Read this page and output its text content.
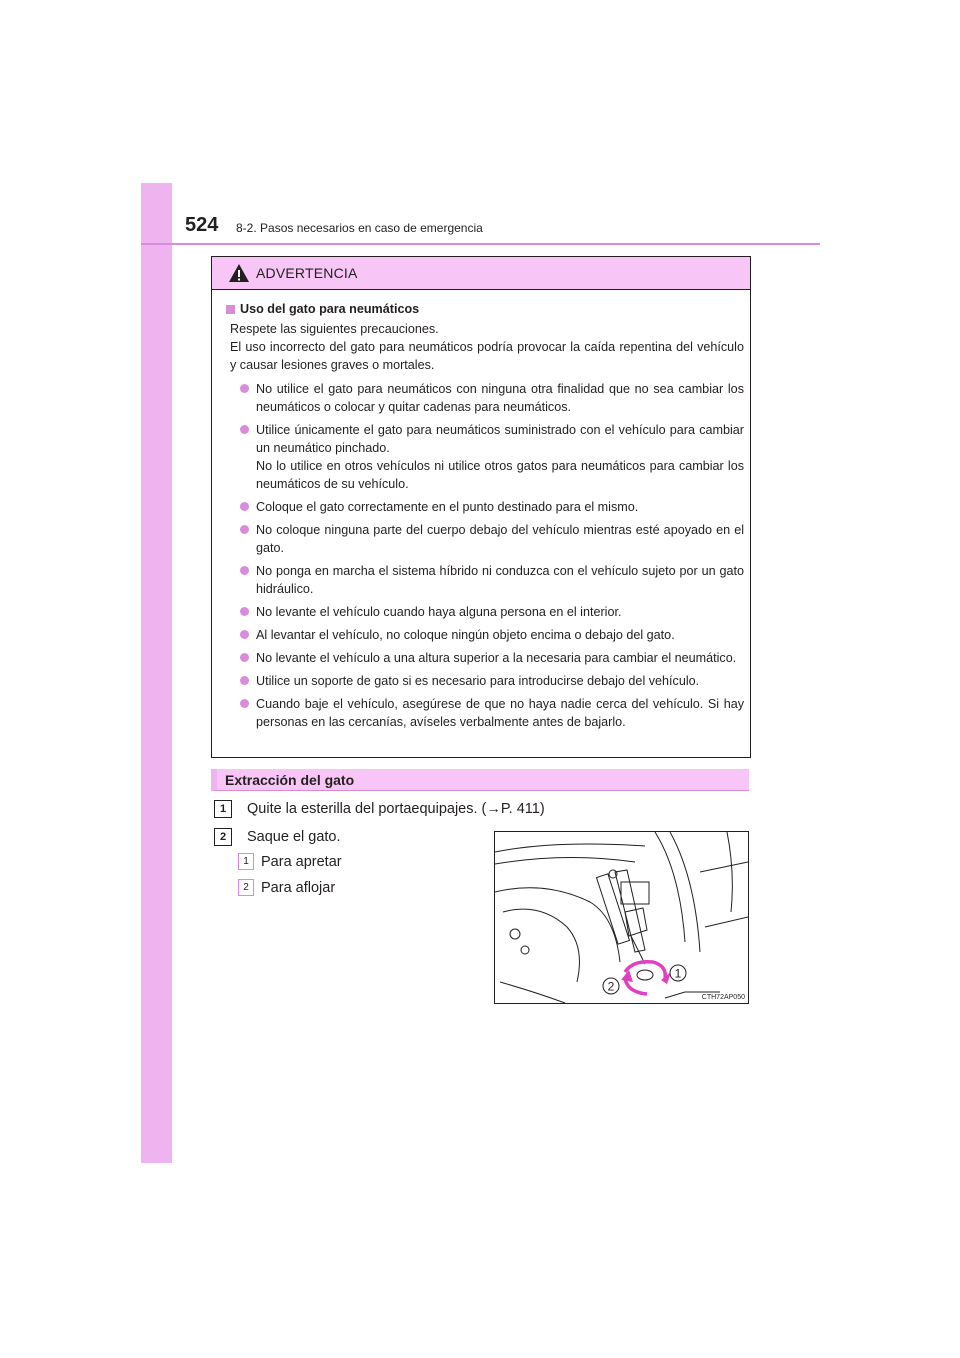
524 8-2. Pasos necesarios en caso de emergencia
ADVERTENCIA
Uso del gato para neumáticos
Respete las siguientes precauciones.
El uso incorrecto del gato para neumáticos podría provocar la caída repentina del vehículo y causar lesiones graves o mortales.
No utilice el gato para neumáticos con ninguna otra finalidad que no sea cambiar los neumáticos o colocar y quitar cadenas para neumáticos.
Utilice únicamente el gato para neumáticos suministrado con el vehículo para cambiar un neumático pinchado.
No lo utilice en otros vehículos ni utilice otros gatos para neumáticos para cambiar los neumáticos de su vehículo.
Coloque el gato correctamente en el punto destinado para el mismo.
No coloque ninguna parte del cuerpo debajo del vehículo mientras esté apoyado en el gato.
No ponga en marcha el sistema híbrido ni conduzca con el vehículo sujeto por un gato hidráulico.
No levante el vehículo cuando haya alguna persona en el interior.
Al levantar el vehículo, no coloque ningún objeto encima o debajo del gato.
No levante el vehículo a una altura superior a la necesaria para cambiar el neumático.
Utilice un soporte de gato si es necesario para introducirse debajo del vehículo.
Cuando baje el vehículo, asegúrese de que no haya nadie cerca del vehículo. Si hay personas en las cercanías, avíseles verbalmente antes de bajarlo.
Extracción del gato
1	Quite la esterilla del portaequipajes. (→P. 411)
2	Saque el gato.
1 Para apretar
2 Para aflojar
1
2
CTH72AP050
